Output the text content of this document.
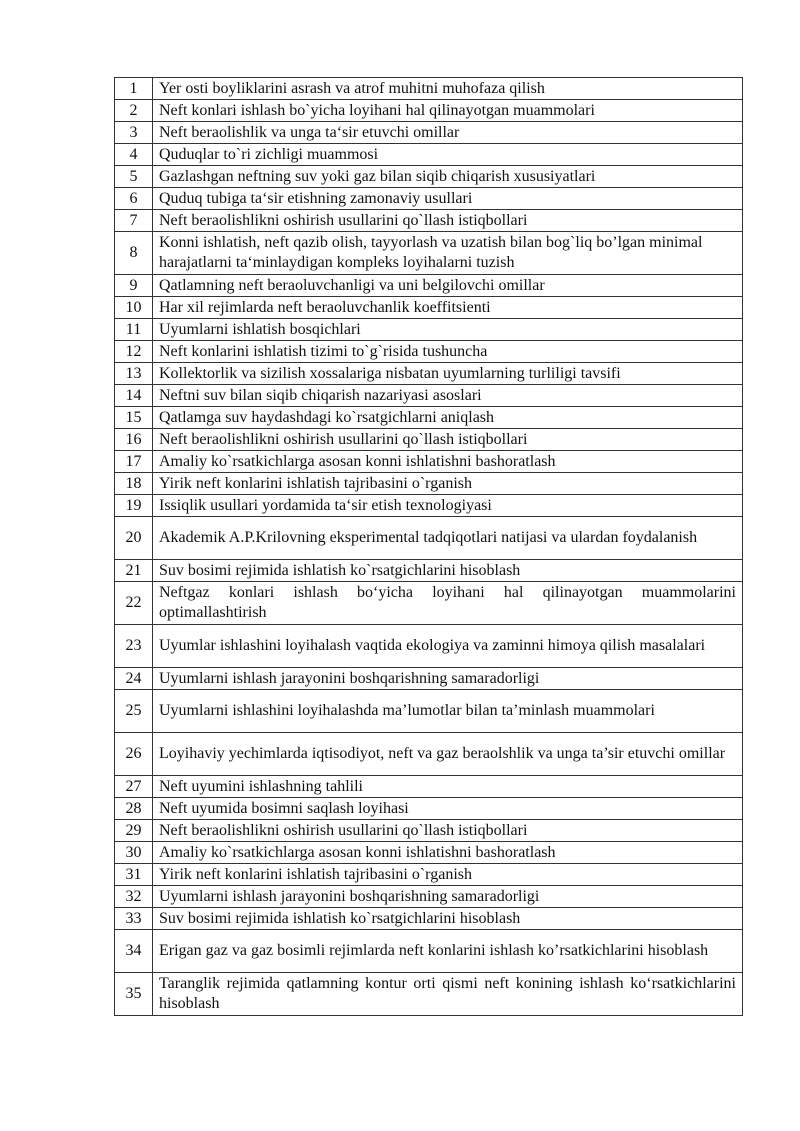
1	Yer osti boyliklarini asrash va atrof muhitni muhofaza qilish
2	Neft konlari ishlash bo`yicha loyihani hal qilinayotgan muammolari
3	Neft beraolishlik va unga ta‘sir etuvchi omillar
4	Quduqlar to`ri zichligi muammosi
5	Gazlashgan neftning suv yoki gaz bilan siqib chiqarish xususiyatlari
6	Quduq tubiga ta‘sir etishning zamonaviy usullari
7	Neft beraolishlikni oshirish usullarini qo`llash istiqbollari
8	Konni ishlatish, neft qazib olish, tayyorlash va uzatish bilan bog`liq bo’lgan minimal harajatlarni ta‘minlaydigan kompleks loyihalarni tuzish
9	Qatlamning neft beraoluvchanligi va uni belgilovchi omillar
10	Har xil rejimlarda neft beraoluvchanlik koeffitsienti
11	Uyumlarni ishlatish bosqichlari
12	Neft konlarini ishlatish tizimi to`g`risida tushuncha
13	Kollektorlik va sizilish xossalariga nisbatan uyumlarning turliligi tavsifi
14	Neftni suv bilan siqib chiqarish nazariyasi asoslari
15	Qatlamga suv haydashdagi ko`rsatgichlarni aniqlash
16	Neft beraolishlikni oshirish usullarini qo`llash istiqbollari
17	Amaliy ko`rsatkichlarga asosan konni ishlatishni bashoratlash
18	Yirik neft konlarini ishlatish tajribasini o`rganish
19	Issiqlik usullari yordamida ta‘sir etish texnologiyasi
20	Akademik A.P.Krilovning eksperimental tadqiqotlari natijasi va ulardan foydalanish
21	Suv bosimi rejimida ishlatish ko`rsatgichlarini hisoblash
22	Neftgaz konlari ishlash bo‘yicha loyihani hal qilinayotgan muammolarini optimallashtirish
23	Uyumlar ishlashini loyihalash vaqtida ekologiya va zaminni himoya qilish masalalari
24	Uyumlarni ishlash jarayonini boshqarishning samaradorligi
25	Uyumlarni ishlashini loyihalashda ma’lumotlar bilan ta’minlash muammolari
26	Loyihaviy yechimlarda iqtisodiyot, neft va gaz beraolshlik va unga ta’sir etuvchi omillar
27	Neft uyumini ishlashning tahlili
28	Neft uyumida bosimni saqlash loyihasi
29	Neft beraolishlikni oshirish usullarini qo`llash istiqbollari
30	Amaliy ko`rsatkichlarga asosan konni ishlatishni bashoratlash
31	Yirik neft konlarini ishlatish tajribasini o`rganish
32	Uyumlarni ishlash jarayonini boshqarishning samaradorligi
33	Suv bosimi rejimida ishlatish ko`rsatgichlarini hisoblash
34	Erigan gaz va gaz bosimli rejimlarda neft konlarini ishlash ko’rsatkichlarini hisoblash
35	Taranglik rejimida qatlamning kontur orti qismi neft konining ishlash ko‘rsatkichlarini hisoblash
